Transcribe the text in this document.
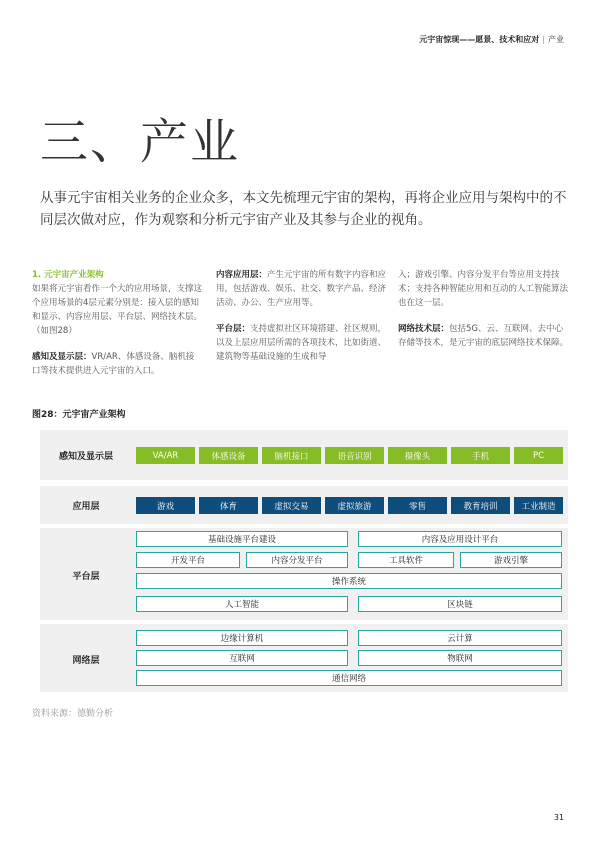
元宇宙惊现——愿景、技术和应对 | 产业
三、产业
从事元宇宙相关业务的企业众多，本文先梳理元宇宙的架构，再将企业应用与架构中的不同层次做对应，作为观察和分析元宇宙产业及其参与企业的视角。

1. 元宇宙产业架构

如果将元宇宙看作一个大的应用场景，支撑这个应用场景的4层元素分别是：接入层的感知和显示、内容应用层、平台层、网络技术层。（如图28）

感知及显示层：VR/AR、体感设备、脑机接口等技术提供进入元宇宙的入口。

内容应用层：产生元宇宙的所有数字内容和应用，包括游戏、娱乐、社交、数字产品、经济活动、办公、生产应用等。

平台层：支持虚拟社区环境搭建、社区规则，以及上层应用层所需的各项技术，比如街道、建筑物等基础设施的生成和导

入；游戏引擎、内容分发平台等应用支持技术；支持各种智能应用和互动的人工智能算法也在这一层。

网络技术层：包括5G、云、互联网、去中心存储等技术，是元宇宙的底层网络技术保障。

图28：元宇宙产业架构
感知及显示层	VA/AR	体感设备	脑机接口	语音识别	摄像头	手机	PC
应用层	游戏	体育	虚拟交易	虚拟旅游	零售	教育培训	工业制造
平台层
基础设施平台建设	内容及应用设计平台
开发平台	内容分发平台	工具软件	游戏引擎
操作系统
人工智能	区块链
网络层
边缘计算机	云计算
互联网	物联网
通信网络
资料来源：德勤分析
31
